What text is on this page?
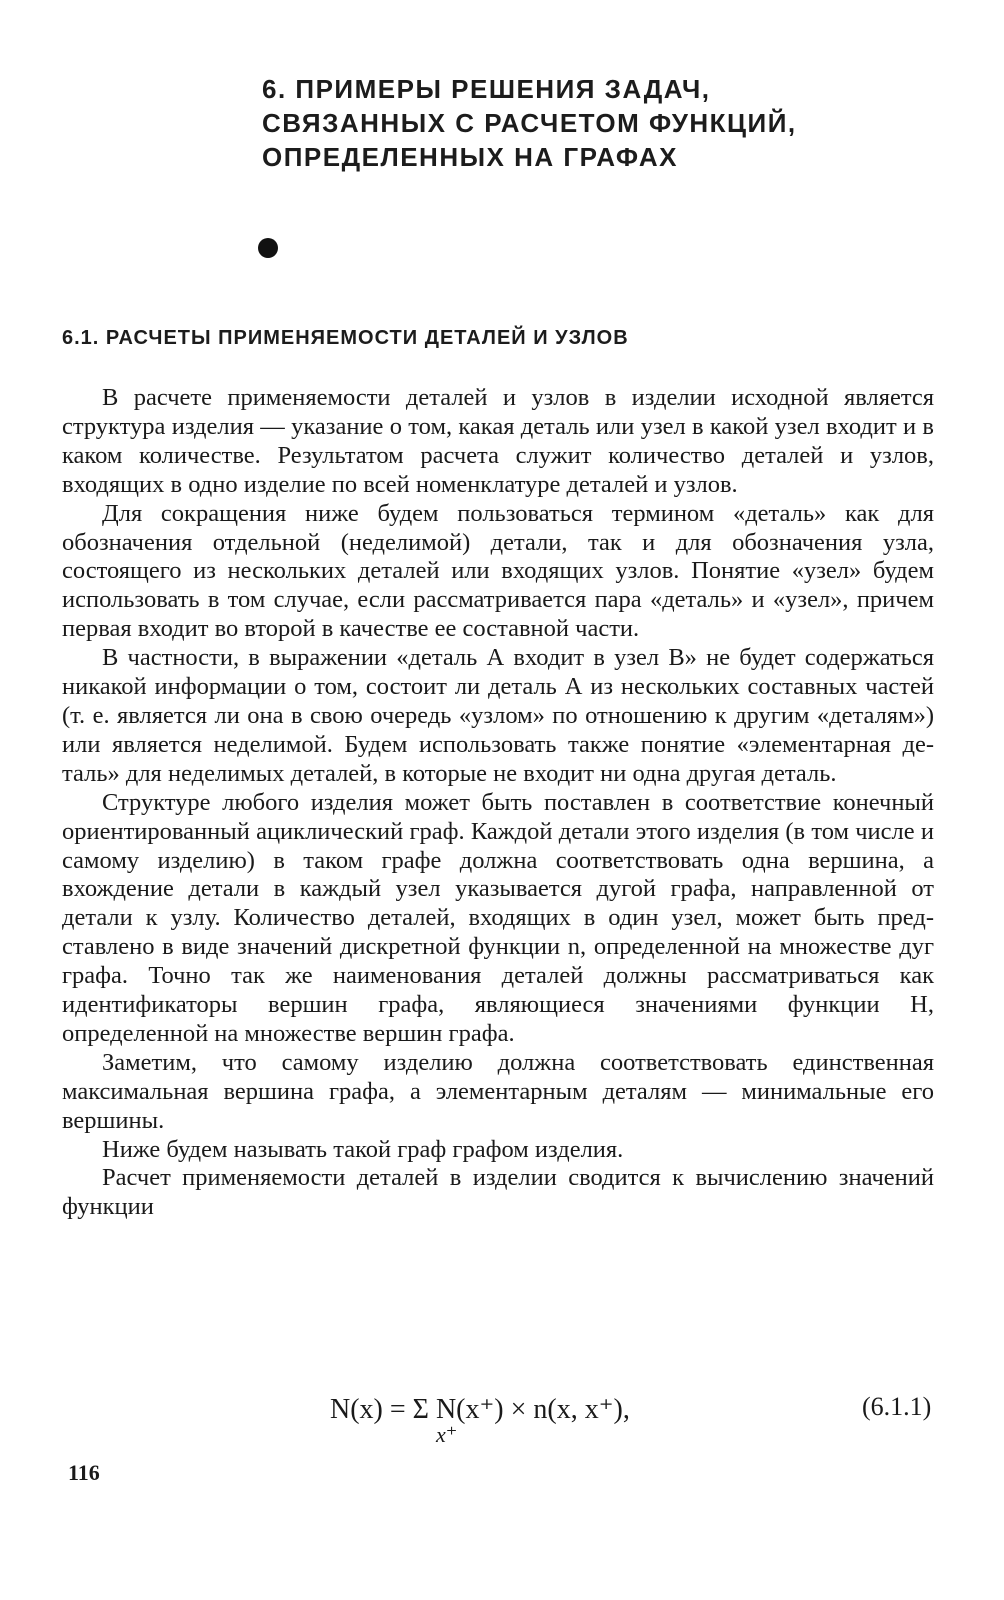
6. ПРИМЕРЫ РЕШЕНИЯ ЗАДАЧ,
СВЯЗАННЫХ С РАСЧЕТОМ ФУНКЦИЙ,
ОПРЕДЕЛЕННЫХ НА ГРАФАХ
6.1. РАСЧЕТЫ ПРИМЕНЯЕМОСТИ ДЕТАЛЕЙ И УЗЛОВ

В расчете применяемости деталей и узлов в изделии исходной является структура изделия — указание о том, какая деталь или узел в какой узел входит и в каком количестве. Результатом расчета служит количество деталей и узлов, входящих в одно изделие по всей номенклатуре деталей и узлов.

Для сокращения ниже будем пользоваться термином «деталь» как для обозначения отдельной (неделимой) детали, так и для обозначения узла, состоящего из нескольких деталей или входящих узлов. Понятие «узел» будем использовать в том случае, если рассматривается пара «деталь» и «узел», причем первая входит во второй в качестве ее составной части.

В частности, в выражении «деталь А входит в узел В» не будет содержаться никакой информации о том, состоит ли деталь А из нескольких составных частей (т. е. является ли она в свою очередь «узлом» по отношению к другим «деталям») или является неделимой. Будем использовать также понятие «элементарная деталь» для неделимых деталей, в которые не входит ни одна другая деталь.

Структуре любого изделия может быть поставлен в соответствие конечный ориентированный ациклический граф. Каждой детали этого изделия (в том числе и самому изделию) в таком графе должна соответствовать одна вершина, а вхождение детали в каждый узел указывается дугой графа, направленной от детали к узлу. Количество деталей, входящих в один узел, может быть представлено в виде значений дискретной функции n, определенной на множестве дуг графа. Точно так же наименования деталей должны рассматриваться как идентификаторы вершин графа, являющиеся значениями функции H, определенной на множестве вершин графа.

Заметим, что самому изделию должна соответствовать единственная максимальная вершина графа, а элементарным деталям — минимальные его вершины.

Ниже будем называть такой граф графом изделия.

Расчет применяемости деталей в изделии сводится к вычислению значений функции

N(x) = Σ N(x⁺) × n(x, x⁺),
x⁺
(6.1.1)
116
